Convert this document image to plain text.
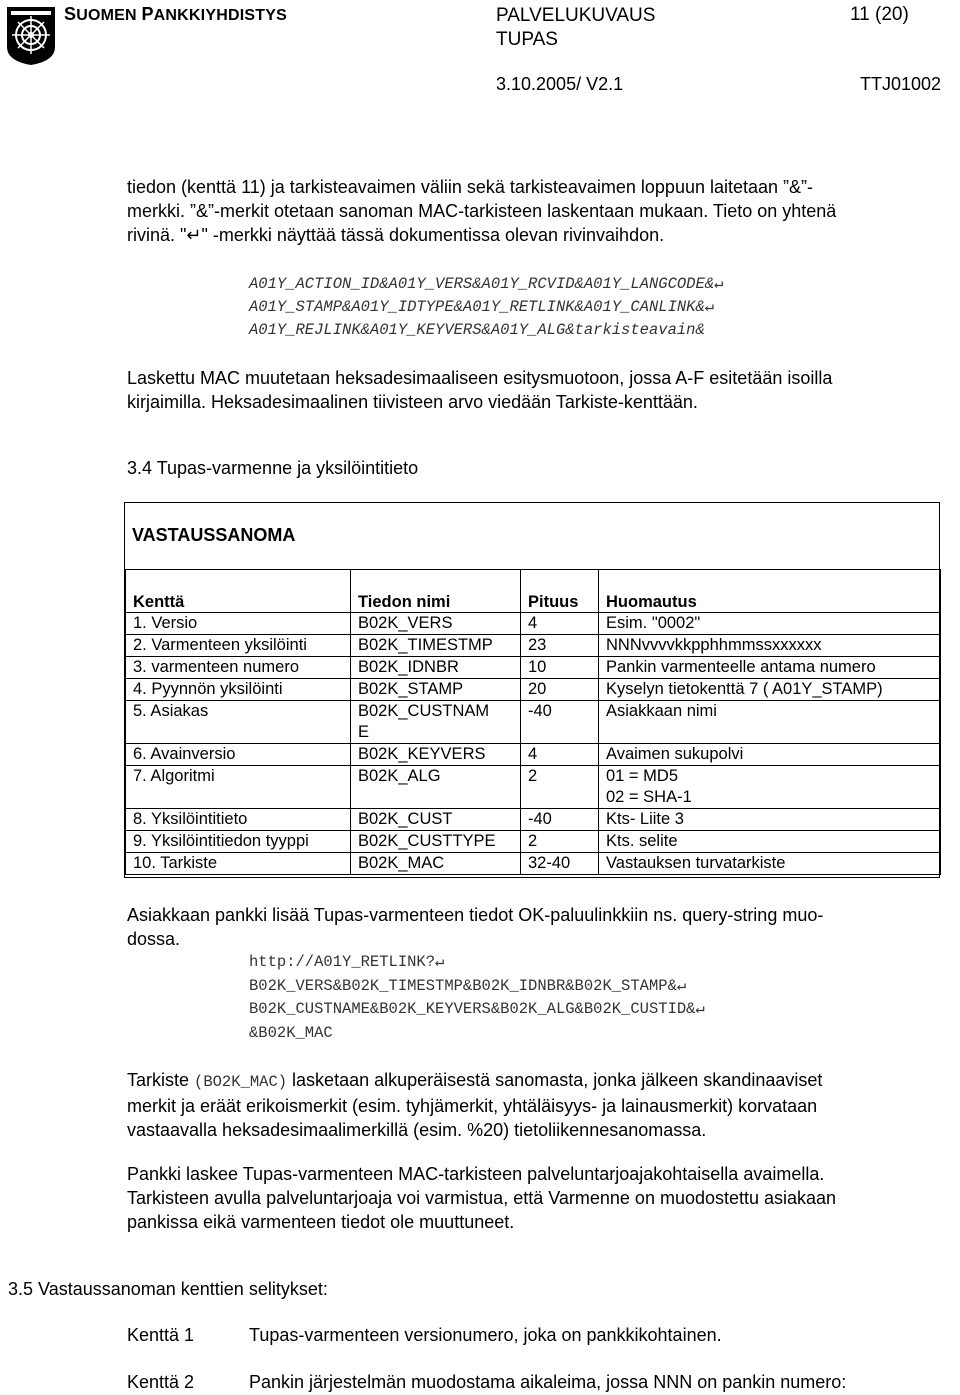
SUOMEN PANKKIYHDISTYS	PALVELUKUVAUS
TUPAS
11 (20)
3.10.2005/ V2.1	TTJ01002
tiedon (kenttä 11) ja tarkisteavaimen väliin sekä tarkisteavaimen loppuun laitetaan ”&”-
merkki. ”&”-merkit otetaan sanoman MAC-tarkisteen laskentaan mukaan. Tieto on yhtenä
rivinä. "↵" -merkki näyttää tässä dokumentissa olevan rivinvaihdon.
A01Y_ACTION_ID&A01Y_VERS&A01Y_RCVID&A01Y_LANGCODE&↵
A01Y_STAMP&A01Y_IDTYPE&A01Y_RETLINK&A01Y_CANLINK&↵
A01Y_REJLINK&A01Y_KEYVERS&A01Y_ALG&tarkisteavain&
Laskettu MAC muutetaan heksadesimaaliseen esitysmuotoon, jossa A-F esitetään isoilla
kirjaimilla. Heksadesimaalinen tiivisteen arvo viedään Tarkiste-kenttään.
3.4 Tupas-varmenne ja yksilöintitieto
VASTAUSSANOMA
Kenttä	Tiedon nimi	Pituus	Huomautus
1. Versio	B02K_VERS	4	Esim. "0002"
2. Varmenteen yksilöinti	B02K_TIMESTMP	23	NNNvvvvkkpphhmmssxxxxxx
3. varmenteen numero	B02K_IDNBR	10	Pankin varmenteelle antama numero
4. Pyynnön yksilöinti	B02K_STAMP	20	Kyselyn tietokenttä 7 ( A01Y_STAMP)
5. Asiakas	B02K_CUSTNAM
E	-40	Asiakkaan nimi
6. Avainversio	B02K_KEYVERS	4	Avaimen sukupolvi
7. Algoritmi	B02K_ALG	2	01 = MD5
02 = SHA-1
8. Yksilöintitieto	B02K_CUST	-40	Kts- Liite 3
9. Yksilöintitiedon tyyppi	B02K_CUSTTYPE	2	Kts. selite
10. Tarkiste	B02K_MAC	32-40	Vastauksen turvatarkiste
Asiakkaan pankki lisää Tupas-varmenteen tiedot OK-paluulinkkiin ns. query-string muo-
dossa.
http://A01Y_RETLINK?↵
B02K_VERS&B02K_TIMESTMP&B02K_IDNBR&B02K_STAMP&↵
B02K_CUSTNAME&B02K_KEYVERS&B02K_ALG&B02K_CUSTID&↵
&B02K_MAC
Tarkiste (BO2K_MAC) lasketaan alkuperäisestä sanomasta, jonka jälkeen skandinaaviset
merkit ja eräät erikoismerkit (esim. tyhjämerkit, yhtäläisyys- ja lainausmerkit) korvataan
vastaavalla heksadesimaalimerkillä (esim. %20) tietoliikennesanomassa.
Pankki laskee Tupas-varmenteen MAC-tarkisteen palveluntarjoajakohtaisella avaimella.
Tarkisteen avulla palveluntarjoaja voi varmistua, että Varmenne on muodostettu asiakaan
pankissa eikä varmenteen tiedot ole muuttuneet.
3.5 Vastaussanoman kenttien selitykset:
Kenttä 1	Tupas-varmenteen versionumero, joka on pankkikohtainen.
Kenttä 2	Pankin järjestelmän muodostama aikaleima, jossa NNN on pankin numero:
